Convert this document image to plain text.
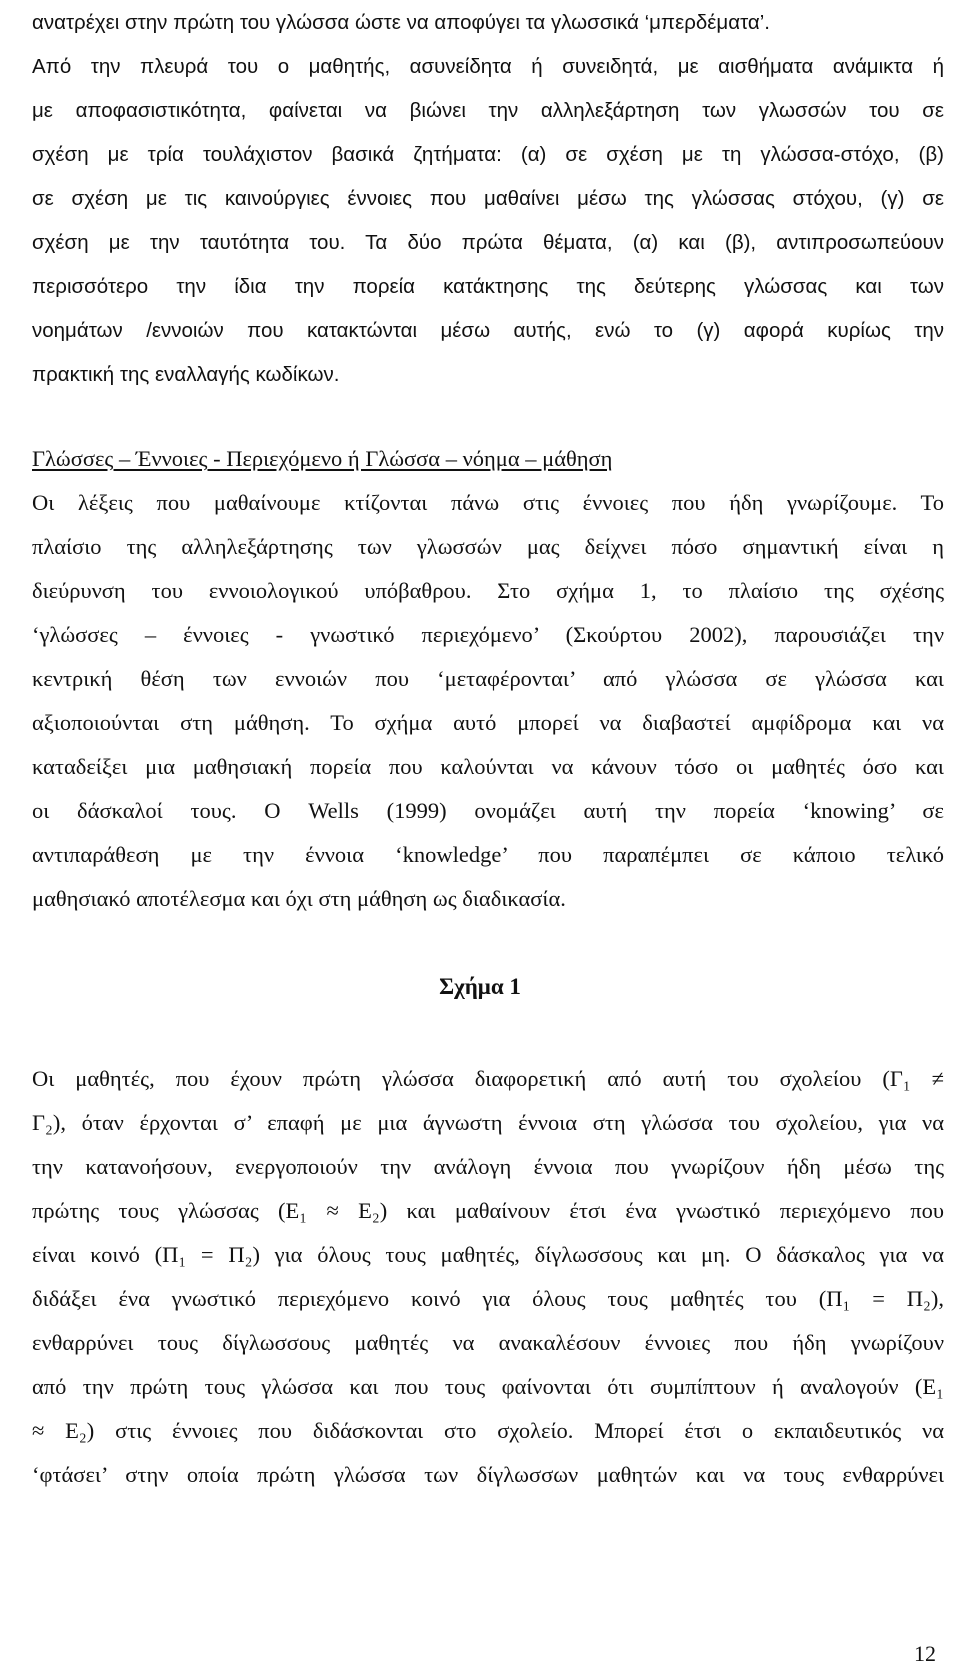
ανατρέχει στην πρώτη του γλώσσα ώστε να αποφύγει τα γλωσσικά ‘μπερδέματα’.
Από την πλευρά του ο μαθητής, ασυνείδητα ή συνειδητά, με αισθήματα ανάμικτα ή
με αποφασιστικότητα, φαίνεται να βιώνει την αλληλεξάρτηση των γλωσσών του σε
σχέση με τρία τουλάχιστον βασικά ζητήματα: (α) σε σχέση με τη γλώσσα-στόχο, (β)
σε σχέση με τις καινούργιες έννοιες που μαθαίνει μέσω της γλώσσας στόχου, (γ) σε
σχέση με την ταυτότητα του. Τα δύο πρώτα θέματα, (α) και (β), αντιπροσωπεύουν
περισσότερο την ίδια την πορεία κατάκτησης της δεύτερης γλώσσας και των
νοημάτων /εννοιών που κατακτώνται μέσω αυτής, ενώ το (γ) αφορά κυρίως την
πρακτική της εναλλαγής κωδίκων.
Γλώσσες – Έννοιες - Περιεχόμενο ή Γλώσσα – νόημα – μάθηση
Οι λέξεις που μαθαίνουμε κτίζονται πάνω στις έννοιες που ήδη γνωρίζουμε. Το
πλαίσιο της αλληλεξάρτησης των γλωσσών μας δείχνει πόσο σημαντική είναι η
διεύρυνση του εννοιολογικού υπόβαθρου. Στο σχήμα 1, το πλαίσιο της σχέσης
‘γλώσσες – έννοιες - γνωστικό περιεχόμενο’ (Σκούρτου 2002), παρουσιάζει την
κεντρική θέση των εννοιών που ‘μεταφέρονται’ από γλώσσα σε γλώσσα και
αξιοποιούνται στη μάθηση. Το σχήμα αυτό μπορεί να διαβαστεί αμφίδρομα και να
καταδείξει μια μαθησιακή πορεία που καλούνται να κάνουν τόσο οι μαθητές όσο και
οι δάσκαλοί τους. Ο Wells (1999) ονομάζει αυτή την πορεία ‘knowing’ σε
αντιπαράθεση με την έννοια ‘knowledge’ που παραπέμπει σε κάποιο τελικό
μαθησιακό αποτέλεσμα και όχι στη μάθηση ως διαδικασία.
Σχήμα 1
Οι μαθητές, που έχουν πρώτη γλώσσα διαφορετική από αυτή του σχολείου (Γ₁ ≠
Γ₂), όταν έρχονται σ’ επαφή με μια άγνωστη έννοια στη γλώσσα του σχολείου, για να
την κατανοήσουν, ενεργοποιούν την ανάλογη έννοια που γνωρίζουν ήδη μέσω της
πρώτης τους γλώσσας (Ε₁ ≈ Ε₂) και μαθαίνουν έτσι ένα γνωστικό περιεχόμενο που
είναι κοινό (Π₁ = Π₂) για όλους τους μαθητές, δίγλωσσους και μη. Ο δάσκαλος για να
διδάξει ένα γνωστικό περιεχόμενο κοινό για όλους τους μαθητές του (Π₁ = Π₂),
ενθαρρύνει τους δίγλωσσους μαθητές να ανακαλέσουν έννοιες που ήδη γνωρίζουν
από την πρώτη τους γλώσσα και που τους φαίνονται ότι συμπίπτουν ή αναλογούν (Ε₁
≈ Ε₂) στις έννοιες που διδάσκονται στο σχολείο. Μπορεί έτσι ο εκπαιδευτικός να
‘φτάσει’ στην οποία πρώτη γλώσσα των δίγλωσσων μαθητών και να τους ενθαρρύνει
12
